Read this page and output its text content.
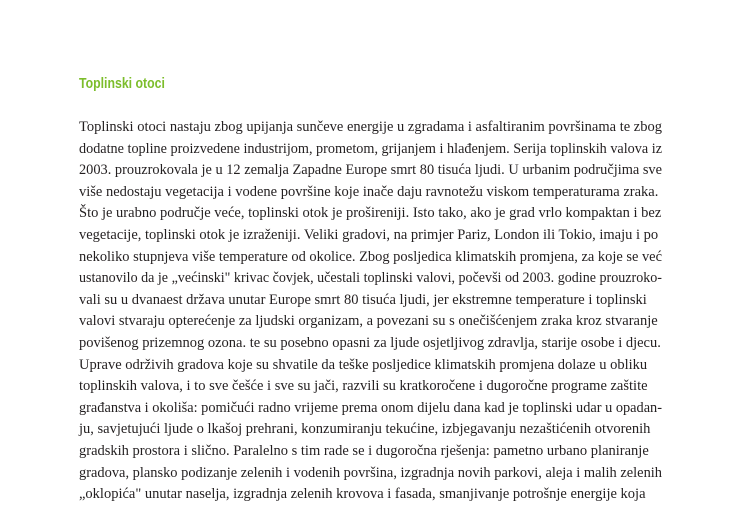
Toplinski otoci
Toplinski otoci nastaju zbog upijanja sunčeve energije u zgradama i asfaltiranim površinama te zbog
dodatne topline proizvedene industrijom, prometom, grijanjem i hlađenjem. Serija toplinskih valova iz
2003. prouzrokovala je u 12 zemalja Zapadne Europe smrt 80 tisuća ljudi. U urbanim područjima sve
više nedostaju vegetacija i vodene površine koje inače daju ravnotežu viskom temperaturama zraka.
Što je urabno područje veće, toplinski otok je prošireniji. Isto tako, ako je grad vrlo kompaktan i bez
vegetacije, toplinski otok je izraženiji. Veliki gradovi, na primjer Pariz, London ili Tokio, imaju i po
nekoliko stupnjeva više temperature od okolice. Zbog posljedica klimatskih promjena, za koje se već
ustanovilo da je „većinski" krivac čovjek, učestali toplinski valovi, počevši od 2003. godine prouzroko-
vali su u dvanaest država unutar Europe smrt 80 tisuća ljudi, jer ekstremne temperature i toplinski
valovi stvaraju opterećenje za ljudski organizam, a povezani su s onečišćenjem zraka kroz stvaranje
povišenog prizemnog ozona. te su posebno opasni za ljude osjetljivog zdravlja, starije osobe i djecu.
Uprave održivih gradova koje su shvatile da teške posljedice klimatskih promjena dolaze u obliku
toplinskih valova, i to sve češće i sve su jači, razvili su kratkoročene i dugoročne programe zaštite
građanstva i okoliša: pomičući radno vrijeme prema onom dijelu dana kad je toplinski udar u opadan-
ju, savjetujući ljude o lkašoj prehrani, konzumiranju tekućine, izbjegavanju nezaštićenih otvorenih
gradskih prostora i slično. Paralelno s tim rade se i dugoročna rješenja: pametno urbano planiranje
gradova, plansko podizanje zelenih i vodenih površina, izgradnja novih parkovi, aleja i malih zelenih
„oklopića" unutar naselja, izgradnja zelenih krovova i fasada, smanjivanje potrošnje energije koja
